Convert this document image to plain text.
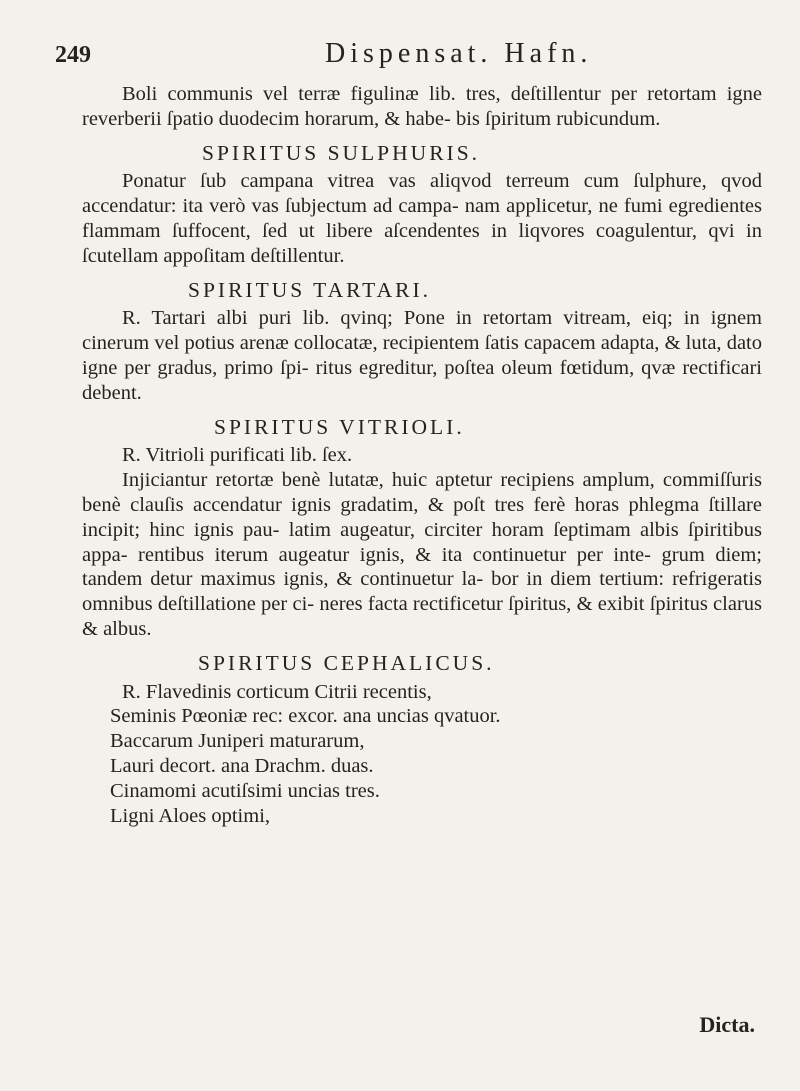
249	Dispensat. Hafn.

Boli communis vel terræ figulinæ lib. tres, deſtillentur per retortam igne reverberii ſpatio duodecim horarum, & habe- bis ſpiritum rubicundum.

SPIRITUS SULPHURIS.

Ponatur ſub campana vitrea vas aliqvod terreum cum ſulphure, qvod accendatur: ita verò vas ſubjectum ad campa- nam applicetur, ne fumi egredientes flammam ſuffocent, ſed ut libere aſcendentes in liqvores coagulentur, qvi in ſcutellam appoſitam deſtillentur.

SPIRITUS TARTARI.

R. Tartari albi puri lib. qvinq; Pone in retortam vitream, eiq; in ignem cinerum vel potius arenæ collocatæ, recipientem ſatis capacem adapta, & luta, dato igne per gradus, primo ſpi- ritus egreditur, poſtea oleum fœtidum, qvæ rectificari debent.

SPIRITUS VITRIOLI.

R. Vitrioli purificati lib. ſex.

Injiciantur retortæ benè lutatæ, huic aptetur recipiens amplum, commiſſuris benè clauſis accendatur ignis gradatim, & poſt tres ferè horas phlegma ſtillare incipit; hinc ignis pau- latim augeatur, circiter horam ſeptimam albis ſpiritibus appa- rentibus iterum augeatur ignis, & ita continuetur per inte- grum diem; tandem detur maximus ignis, & continuetur la- bor in diem tertium: refrigeratis omnibus deſtillatione per ci- neres facta rectificetur ſpiritus, & exibit ſpiritus clarus & albus.

SPIRITUS CEPHALICUS.

R. Flavedinis corticum Citrii recentis,

Seminis Pœoniæ rec: excor. ana uncias qvatuor.

Baccarum Juniperi maturarum,

Lauri decort. ana Drachm. duas.

Cinamomi acutiſsimi uncias tres.

Ligni Aloes optimi,

Dicta.
